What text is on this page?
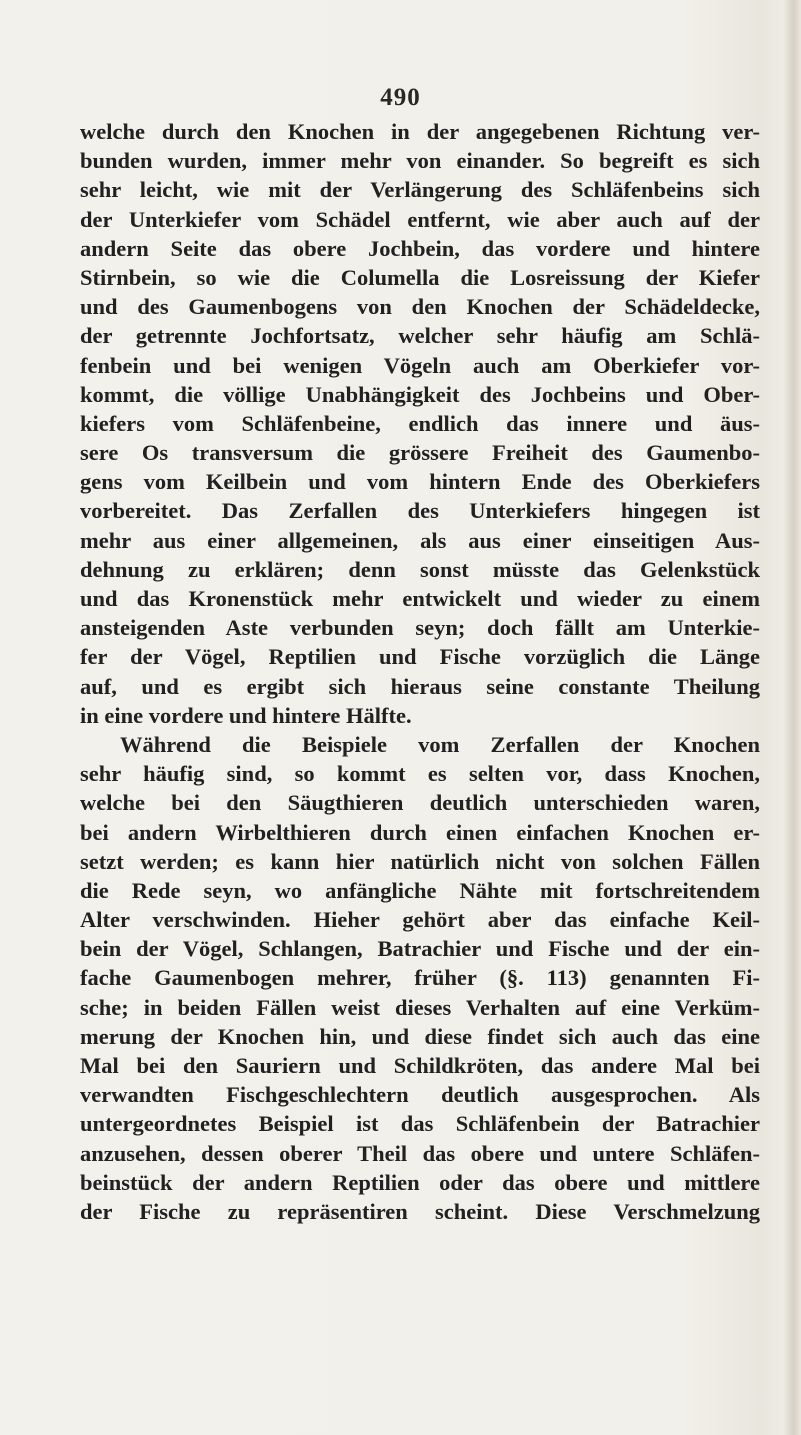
490
welche durch den Knochen in der angegebenen Richtung ver-
bunden wurden, immer mehr von einander. So begreift es sich
sehr leicht, wie mit der Verlängerung des Schläfenbeins sich
der Unterkiefer vom Schädel entfernt, wie aber auch auf der
andern Seite das obere Jochbein, das vordere und hintere
Stirnbein, so wie die Columella die Losreissung der Kiefer
und des Gaumenbogens von den Knochen der Schädeldecke,
der getrennte Jochfortsatz, welcher sehr häufig am Schlä-
fenbein und bei wenigen Vögeln auch am Oberkiefer vor-
kommt, die völlige Unabhängigkeit des Jochbeins und Ober-
kiefers vom Schläfenbeine, endlich das innere und äus-
sere Os transversum die grössere Freiheit des Gaumenbo-
gens vom Keilbein und vom hintern Ende des Oberkiefers
vorbereitet. Das Zerfallen des Unterkiefers hingegen ist
mehr aus einer allgemeinen, als aus einer einseitigen Aus-
dehnung zu erklären; denn sonst müsste das Gelenkstück
und das Kronenstück mehr entwickelt und wieder zu einem
ansteigenden Aste verbunden seyn; doch fällt am Unterkie-
fer der Vögel, Reptilien und Fische vorzüglich die Länge
auf, und es ergibt sich hieraus seine constante Theilung
in eine vordere und hintere Hälfte.
Während die Beispiele vom Zerfallen der Knochen
sehr häufig sind, so kommt es selten vor, dass Knochen,
welche bei den Säugthieren deutlich unterschieden waren,
bei andern Wirbelthieren durch einen einfachen Knochen er-
setzt werden; es kann hier natürlich nicht von solchen Fällen
die Rede seyn, wo anfängliche Nähte mit fortschreitendem
Alter verschwinden. Hieher gehört aber das einfache Keil-
bein der Vögel, Schlangen, Batrachier und Fische und der ein-
fache Gaumenbogen mehrer, früher (§. 113) genannten Fi-
sche; in beiden Fällen weist dieses Verhalten auf eine Verküm-
merung der Knochen hin, und diese findet sich auch das eine
Mal bei den Sauriern und Schildkröten, das andere Mal bei
verwandten Fischgeschlechtern deutlich ausgesprochen. Als
untergeordnetes Beispiel ist das Schläfenbein der Batrachier
anzusehen, dessen oberer Theil das obere und untere Schläfen-
beinstück der andern Reptilien oder das obere und mittlere
der Fische zu repräsentiren scheint. Diese Verschmelzung
